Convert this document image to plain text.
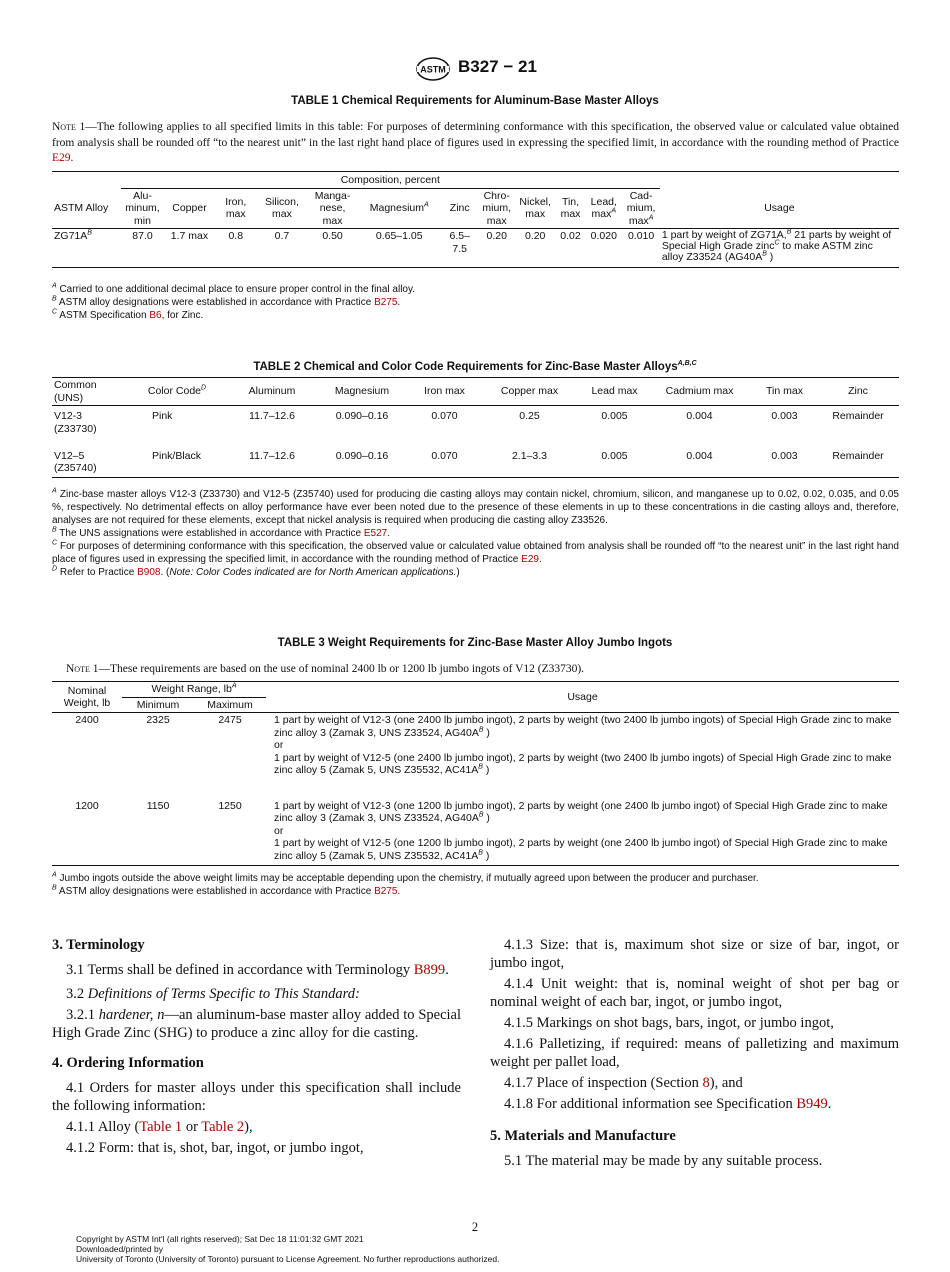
ASTM B327 − 21
TABLE 1 Chemical Requirements for Aluminum-Base Master Alloys
Note 1—The following applies to all specified limits in this table: For purposes of determining conformance with this specification, the observed value or calculated value obtained from analysis shall be rounded off “to the nearest unit” in the last right hand place of figures used in expressing the specified limit, in accordance with the rounding method of Practice E29.
	Composition, percent												
ASTM Alloy	Alu- minum, min	Copper	Iron, max	Silicon, max	Manga- nese, max	Magnesium$^A$	Zinc	Chro- mium, max	Nickel, max	Tin, max	Lead, $\max^A$	Cad- mium, $\max^A$	Usage
$ZG71A^B$	87.0	1.7 max	0.8	0.7	0.50	0.65–1.05	6.5–7.5	0.20	0.20	0.02	0.020	0.010	1 part by weight of ZG71A,$^B$ 21 parts by weight of Special High Grade zinc$^C$ to make ASTM zinc alloy Z33524 ($AG40A^B$ )
$^A$ Carried to one additional decimal place to ensure proper control in the final alloy.
$^B$ ASTM alloy designations were established in accordance with Practice B275.
$^C$ ASTM Specification B6, for Zinc.
TABLE 2 Chemical and Color Code Requirements for Zinc-Base Master Alloys$^{A,B,C}$
Common (UNS)	Color Code$^D$	Aluminum	Magnesium	Iron max	Copper max	Lead max	Cadmium max	Tin max	Zinc
V12-3
(Z33730)	Pink	11.7–12.6	0.090–0.16	0.070	0.25	0.005	0.004	0.003	Remainder
V12–5
(Z35740)	Pink/Black	11.7–12.6	0.090–0.16	0.070	2.1–3.3	0.005	0.004	0.003	Remainder
$^A$ Zinc-base master alloys V12-3 (Z33730) and V12-5 (Z35740) used for producing die casting alloys may contain nickel, chromium, silicon, and manganese up to 0.02, 0.02, 0.035, and 0.05 %, respectively. No detrimental effects on alloy performance have ever been noted due to the presence of these elements in up to these concentrations in die casting alloys and, therefore, analyses are not required for these elements, except that nickel analysis is required when producing die casting alloy Z33526.
$^B$ The UNS assignations were established in accordance with Practice E527.
$^C$ For purposes of determining conformance with this specification, the observed value or calculated value obtained from analysis shall be rounded off “to the nearest unit” in the last right hand place of figures used in expressing the specified limit, in accordance with the rounding method of Practice E29.
$^D$ Refer to Practice B908. (Note: Color Codes indicated are for North American applications.)
TABLE 3 Weight Requirements for Zinc-Base Master Alloy Jumbo Ingots
Note 1—These requirements are based on the use of nominal 2400 lb or 1200 lb jumbo ingots of V12 (Z33730).
Nominal Weight, lb	Weight Range, $lb^A$		Usage
	Minimum	Maximum	
2400	2325	2475	1 part by weight of V12-3 (one 2400 lb jumbo ingot), 2 parts by weight (two 2400 lb jumbo ingots) of Special High Grade zinc to make zinc alloy 3 (Zamak 3, UNS Z33524, $AG40A^B$ )
or
1 part by weight of V12-5 (one 2400 lb jumbo ingot), 2 parts by weight (two 2400 lb jumbo ingots) of Special High Grade zinc to make zinc alloy 5 (Zamak 5, UNS Z35532, $AC41A^B$ )

1200	1150	1250	1 part by weight of V12-3 (one 1200 lb jumbo ingot), 2 parts by weight (one 2400 lb jumbo ingot) of Special High Grade zinc to make zinc alloy 3 (Zamak 3, UNS Z33524, $AG40A^B$ )
or
1 part by weight of V12-5 (one 1200 lb jumbo ingot), 2 parts by weight (one 2400 lb jumbo ingot) of Special High Grade zinc to make zinc alloy 5 (Zamak 5, UNS Z35532, $AC41A^B$ )
$^A$ Jumbo ingots outside the above weight limits may be acceptable depending upon the chemistry, if mutually agreed upon between the producer and purchaser.
$^B$ ASTM alloy designations were established in accordance with Practice B275.
3. Terminology

3.1 Terms shall be defined in accordance with Terminology B899.

3.2 Definitions of Terms Specific to This Standard:

3.2.1 hardener, n—an aluminum-base master alloy added to Special High Grade Zinc (SHG) to produce a zinc alloy for die casting.

4. Ordering Information

4.1 Orders for master alloys under this specification shall include the following information:

4.1.1 Alloy (Table 1 or Table 2),

4.1.2 Form: that is, shot, bar, ingot, or jumbo ingot,

4.1.3 Size: that is, maximum shot size or size of bar, ingot, or jumbo ingot,

4.1.4 Unit weight: that is, nominal weight of shot per bag or nominal weight of each bar, ingot, or jumbo ingot,

4.1.5 Markings on shot bags, bars, ingot, or jumbo ingot,

4.1.6 Palletizing, if required: means of palletizing and maximum weight per pallet load,

4.1.7 Place of inspection (Section 8), and

4.1.8 For additional information see Specification B949.

5. Materials and Manufacture

5.1 The material may be made by any suitable process.

2
Copyright by ASTM Int'l (all rights reserved); Sat Dec 18 11:01:32 GMT 2021
Downloaded/printed by
University of Toronto (University of Toronto) pursuant to License Agreement. No further reproductions authorized.
